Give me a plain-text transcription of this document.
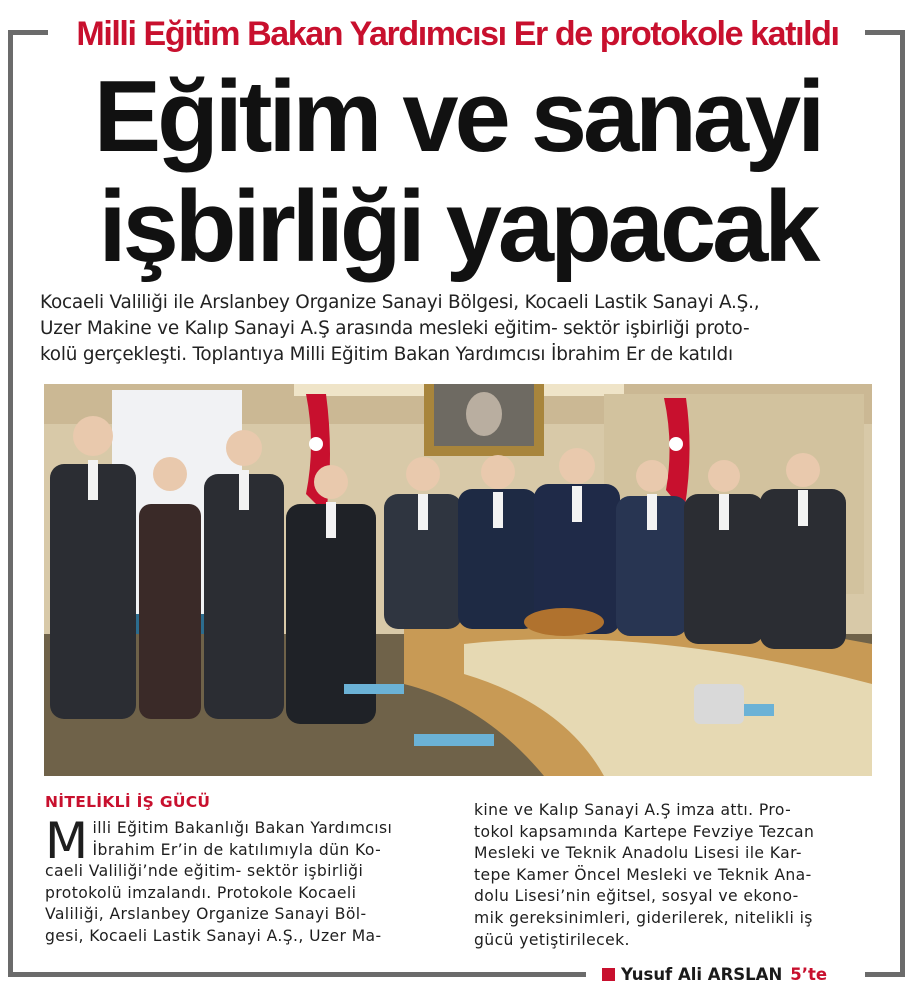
Milli Eğitim Bakan Yardımcısı Er de protokole katıldı
Eğitim ve sanayi
işbirliği yapacak
Kocaeli Valiliği ile Arslanbey Organize Sanayi Bölgesi, Kocaeli Lastik Sanayi A.Ş.,
Uzer Makine ve Kalıp Sanayi A.Ş arasında mesleki eğitim- sektör işbirliği proto-
kolü gerçekleşti. Toplantıya Milli Eğitim Bakan Yardımcısı İbrahim Er de katıldı
NİTELİKLİ İŞ GÜCÜ
M illi Eğitim Bakanlığı Bakan Yardımcısı
İbrahim Er’in de katılımıyla dün Ko-
caeli Valiliği’nde eğitim- sektör işbirliği
protokolü imzalandı. Protokole Kocaeli
Valiliği, Arslanbey Organize Sanayi Böl-
gesi, Kocaeli Lastik Sanayi A.Ş., Uzer Ma-
kine ve Kalıp Sanayi A.Ş imza attı. Pro-
tokol kapsamında Kartepe Fevziye Tezcan
Mesleki ve Teknik Anadolu Lisesi ile Kar-
tepe Kamer Öncel Mesleki ve Teknik Ana-
dolu Lisesi’nin eğitsel, sosyal ve ekono-
mik gereksinimleri, giderilerek, nitelikli iş
gücü yetiştirilecek.
Yusuf Ali ARSLAN 5’te
